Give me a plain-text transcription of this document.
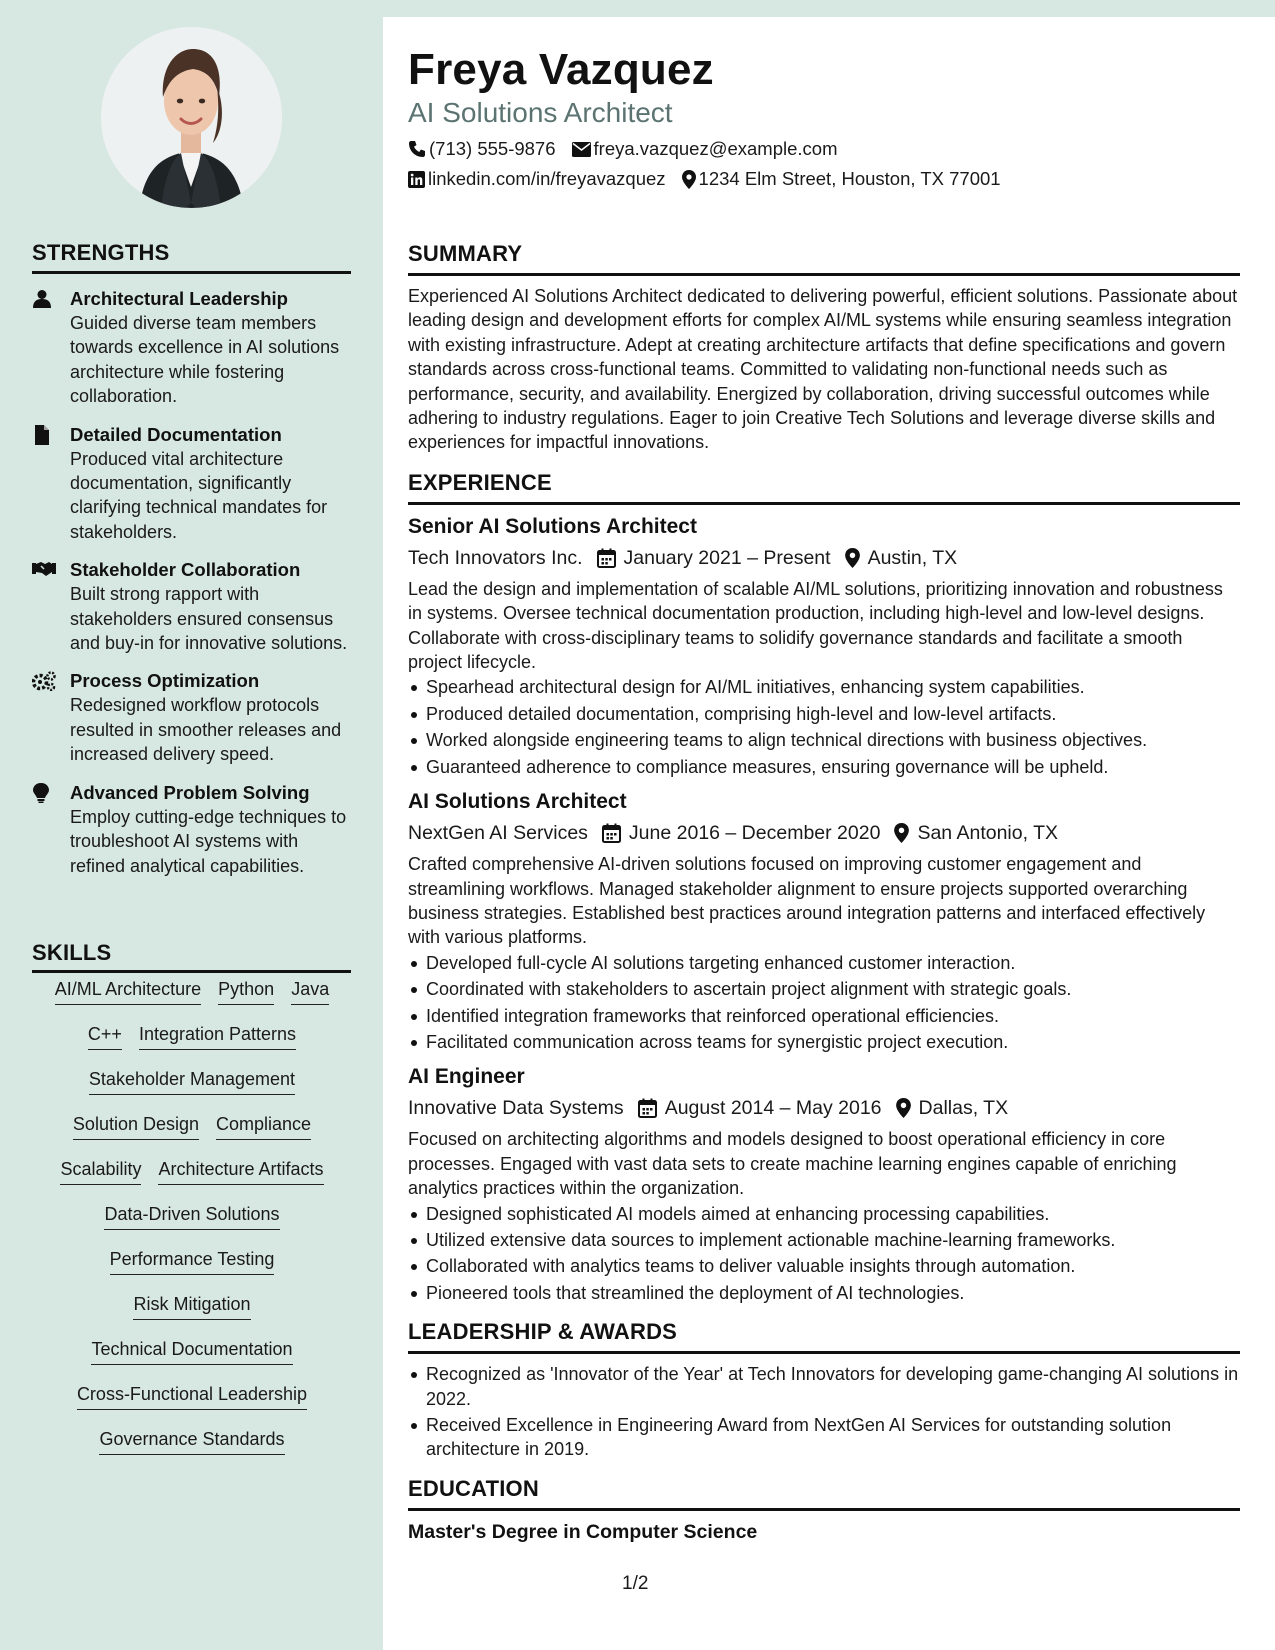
STRENGTHS
Architectural Leadership
Guided diverse team members towards excellence in AI solutions architecture while fostering collaboration.
Detailed Documentation
Produced vital architecture documentation, significantly clarifying technical mandates for stakeholders.
Stakeholder Collaboration
Built strong rapport with stakeholders ensured consensus and buy-in for innovative solutions.
Process Optimization
Redesigned workflow protocols resulted in smoother releases and increased delivery speed.
Advanced Problem Solving
Employ cutting-edge techniques to troubleshoot AI systems with refined analytical capabilities.
SKILLS
AI/ML Architecture Python Java
C++ Integration Patterns
Stakeholder Management
Solution Design Compliance
Scalability Architecture Artifacts
Data-Driven Solutions
Performance Testing
Risk Mitigation
Technical Documentation
Cross-Functional Leadership
Governance Standards
Freya Vazquez
AI Solutions Architect
(713) 555-9876 freya.vazquez@example.com
linkedin.com/in/freyavazquez 1234 Elm Street, Houston, TX 77001
SUMMARY
Experienced AI Solutions Architect dedicated to delivering powerful, efficient solutions. Passionate about leading design and development efforts for complex AI/ML systems while ensuring seamless integration with existing infrastructure. Adept at creating architecture artifacts that define specifications and govern standards across cross-functional teams. Committed to validating non-functional needs such as performance, security, and availability. Energized by collaboration, driving successful outcomes while adhering to industry regulations. Eager to join Creative Tech Solutions and leverage diverse skills and experiences for impactful innovations.
EXPERIENCE
Senior AI Solutions Architect
Tech Innovators Inc. January 2021 – Present Austin, TX
Lead the design and implementation of scalable AI/ML solutions, prioritizing innovation and robustness in systems. Oversee technical documentation production, including high-level and low-level designs. Collaborate with cross-disciplinary teams to solidify governance standards and facilitate a smooth project lifecycle.
Spearhead architectural design for AI/ML initiatives, enhancing system capabilities.
Produced detailed documentation, comprising high-level and low-level artifacts.
Worked alongside engineering teams to align technical directions with business objectives.
Guaranteed adherence to compliance measures, ensuring governance will be upheld.
AI Solutions Architect
NextGen AI Services June 2016 – December 2020 San Antonio, TX
Crafted comprehensive AI-driven solutions focused on improving customer engagement and streamlining workflows. Managed stakeholder alignment to ensure projects supported overarching business strategies. Established best practices around integration patterns and interfaced effectively with various platforms.
Developed full-cycle AI solutions targeting enhanced customer interaction.
Coordinated with stakeholders to ascertain project alignment with strategic goals.
Identified integration frameworks that reinforced operational efficiencies.
Facilitated communication across teams for synergistic project execution.
AI Engineer
Innovative Data Systems August 2014 – May 2016 Dallas, TX
Focused on architecting algorithms and models designed to boost operational efficiency in core processes. Engaged with vast data sets to create machine learning engines capable of enriching analytics practices within the organization.
Designed sophisticated AI models aimed at enhancing processing capabilities.
Utilized extensive data sources to implement actionable machine-learning frameworks.
Collaborated with analytics teams to deliver valuable insights through automation.
Pioneered tools that streamlined the deployment of AI technologies.
LEADERSHIP & AWARDS
Recognized as 'Innovator of the Year' at Tech Innovators for developing game-changing AI solutions in 2022.
Received Excellence in Engineering Award from NextGen AI Services for outstanding solution architecture in 2019.
EDUCATION
Master's Degree in Computer Science
1/2
